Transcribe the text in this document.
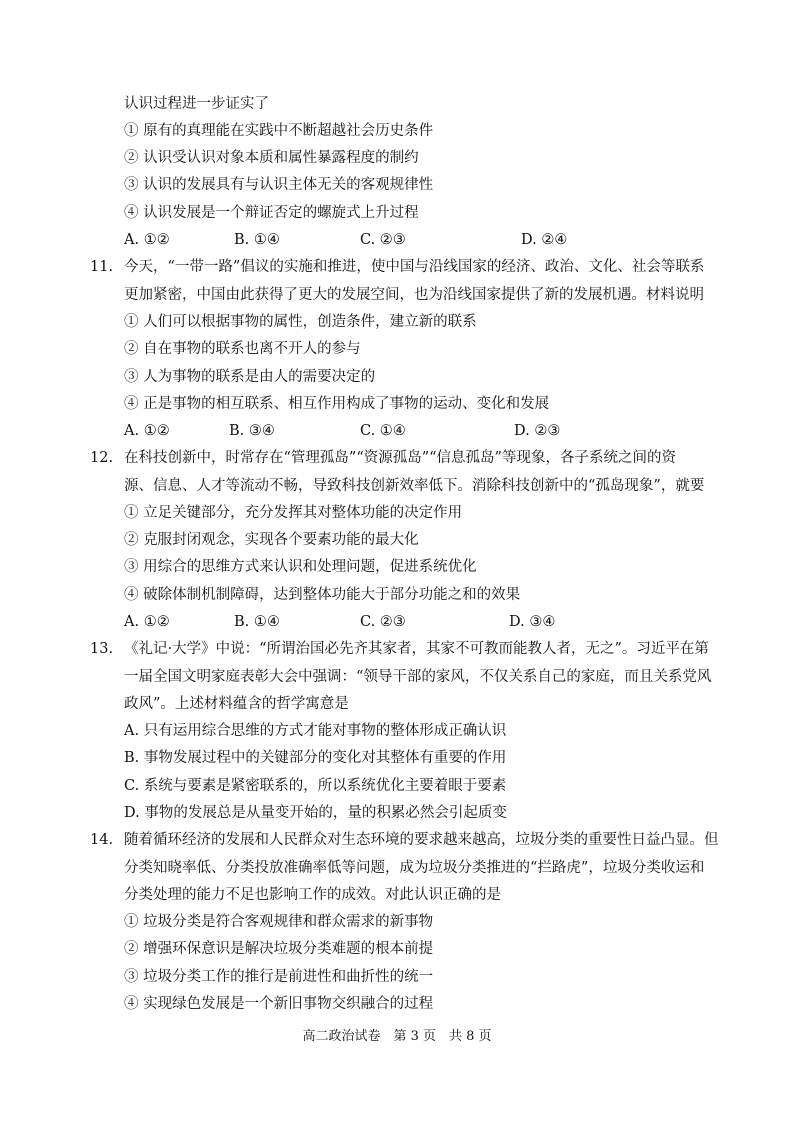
认识过程进一步证实了
① 原有的真理能在实践中不断超越社会历史条件
② 认识受认识对象本质和属性暴露程度的制约
③ 认识的发展具有与认识主体无关的客观规律性
④ 认识发展是一个辩证否定的螺旋式上升过程
A. ①②	B. ①④	C. ②③	D. ②④
11. 今天，“一带一路”倡议的实施和推进，使中国与沿线国家的经济、政治、文化、社会等联系
更加紧密，中国由此获得了更大的发展空间，也为沿线国家提供了新的发展机遇。材料说明
① 人们可以根据事物的属性，创造条件，建立新的联系
② 自在事物的联系也离不开人的参与
③ 人为事物的联系是由人的需要决定的
④ 正是事物的相互联系、相互作用构成了事物的运动、变化和发展
A. ①②	B. ③④	C. ①④	D. ②③
12. 在科技创新中，时常存在“管理孤岛”“资源孤岛”“信息孤岛”等现象，各子系统之间的资
源、信息、人才等流动不畅，导致科技创新效率低下。消除科技创新中的“孤岛现象”，就要
① 立足关键部分，充分发挥其对整体功能的决定作用
② 克服封闭观念，实现各个要素功能的最大化
③ 用综合的思维方式来认识和处理问题，促进系统优化
④ 破除体制机制障碍，达到整体功能大于部分功能之和的效果
A. ①②	B. ①④	C. ②③	D. ③④
13. 《礼记·大学》中说：“所谓治国必先齐其家者，其家不可教而能教人者，无之”。习近平在第
一届全国文明家庭表彰大会中强调：“领导干部的家风，不仅关系自己的家庭，而且关系党风
政风”。上述材料蕴含的哲学寓意是
A. 只有运用综合思维的方式才能对事物的整体形成正确认识
B. 事物发展过程中的关键部分的变化对其整体有重要的作用
C. 系统与要素是紧密联系的，所以系统优化主要着眼于要素
D. 事物的发展总是从量变开始的，量的积累必然会引起质变
14. 随着循环经济的发展和人民群众对生态环境的要求越来越高，垃圾分类的重要性日益凸显。但
分类知晓率低、分类投放准确率低等问题，成为垃圾分类推进的“拦路虎”，垃圾分类收运和
分类处理的能力不足也影响工作的成效。对此认识正确的是
① 垃圾分类是符合客观规律和群众需求的新事物
② 增强环保意识是解决垃圾分类难题的根本前提
③ 垃圾分类工作的推行是前进性和曲折性的统一
④ 实现绿色发展是一个新旧事物交织融合的过程
高二政治试卷　第 3 页　共 8 页
